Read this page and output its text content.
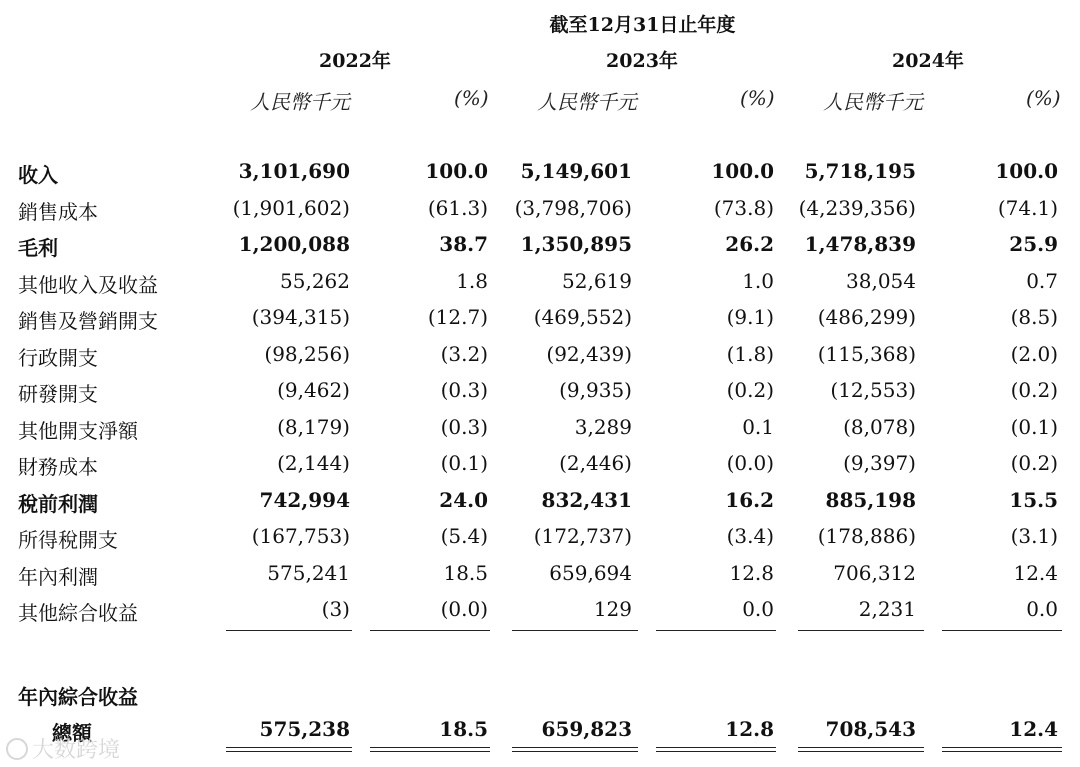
截至12月31日止年度
2022年	2023年	2024年
人民幣千元	(%) 人民幣千元	(%) 人民幣千元	(%)
收入	3,101,690	100.0 5,149,601	100.0 5,718,195	100.0
銷售成本	(1,901,602)	(61.3) (3,798,706)	(73.8) (4,239,356)	(74.1)
毛利	1,200,088	38.7 1,350,895	26.2 1,478,839	25.9
其他收入及收益	55,262	1.8	52,619	1.0	38,054	0.7
銷售及營銷開支	(394,315)	(12.7) (469,552)	(9.1) (486,299)	(8.5)
行政開支	(98,256)	(3.2)	(92,439)	(1.8) (115,368)	(2.0)
研發開支	(9,462)	(0.3)	(9,935)	(0.2)	(12,553)	(0.2)
其他開支淨額	(8,179)	(0.3)	3,289	0.1	(8,078)	(0.1)
財務成本	(2,144)	(0.1)	(2,446)	(0.0)	(9,397)	(0.2)
稅前利潤	742,994	24.0	832,431	16.2	885,198	15.5
所得稅開支	(167,753)	(5.4) (172,737)	(3.4) (178,886)	(3.1)
年內利潤	575,241	18.5	659,694	12.8	706,312	12.4
其他綜合收益	(3)	(0.0)	129	0.0	2,231	0.0
年內綜合收益
總額	575,238	18.5	659,823	12.8	708,543	12.4
大数跨境
